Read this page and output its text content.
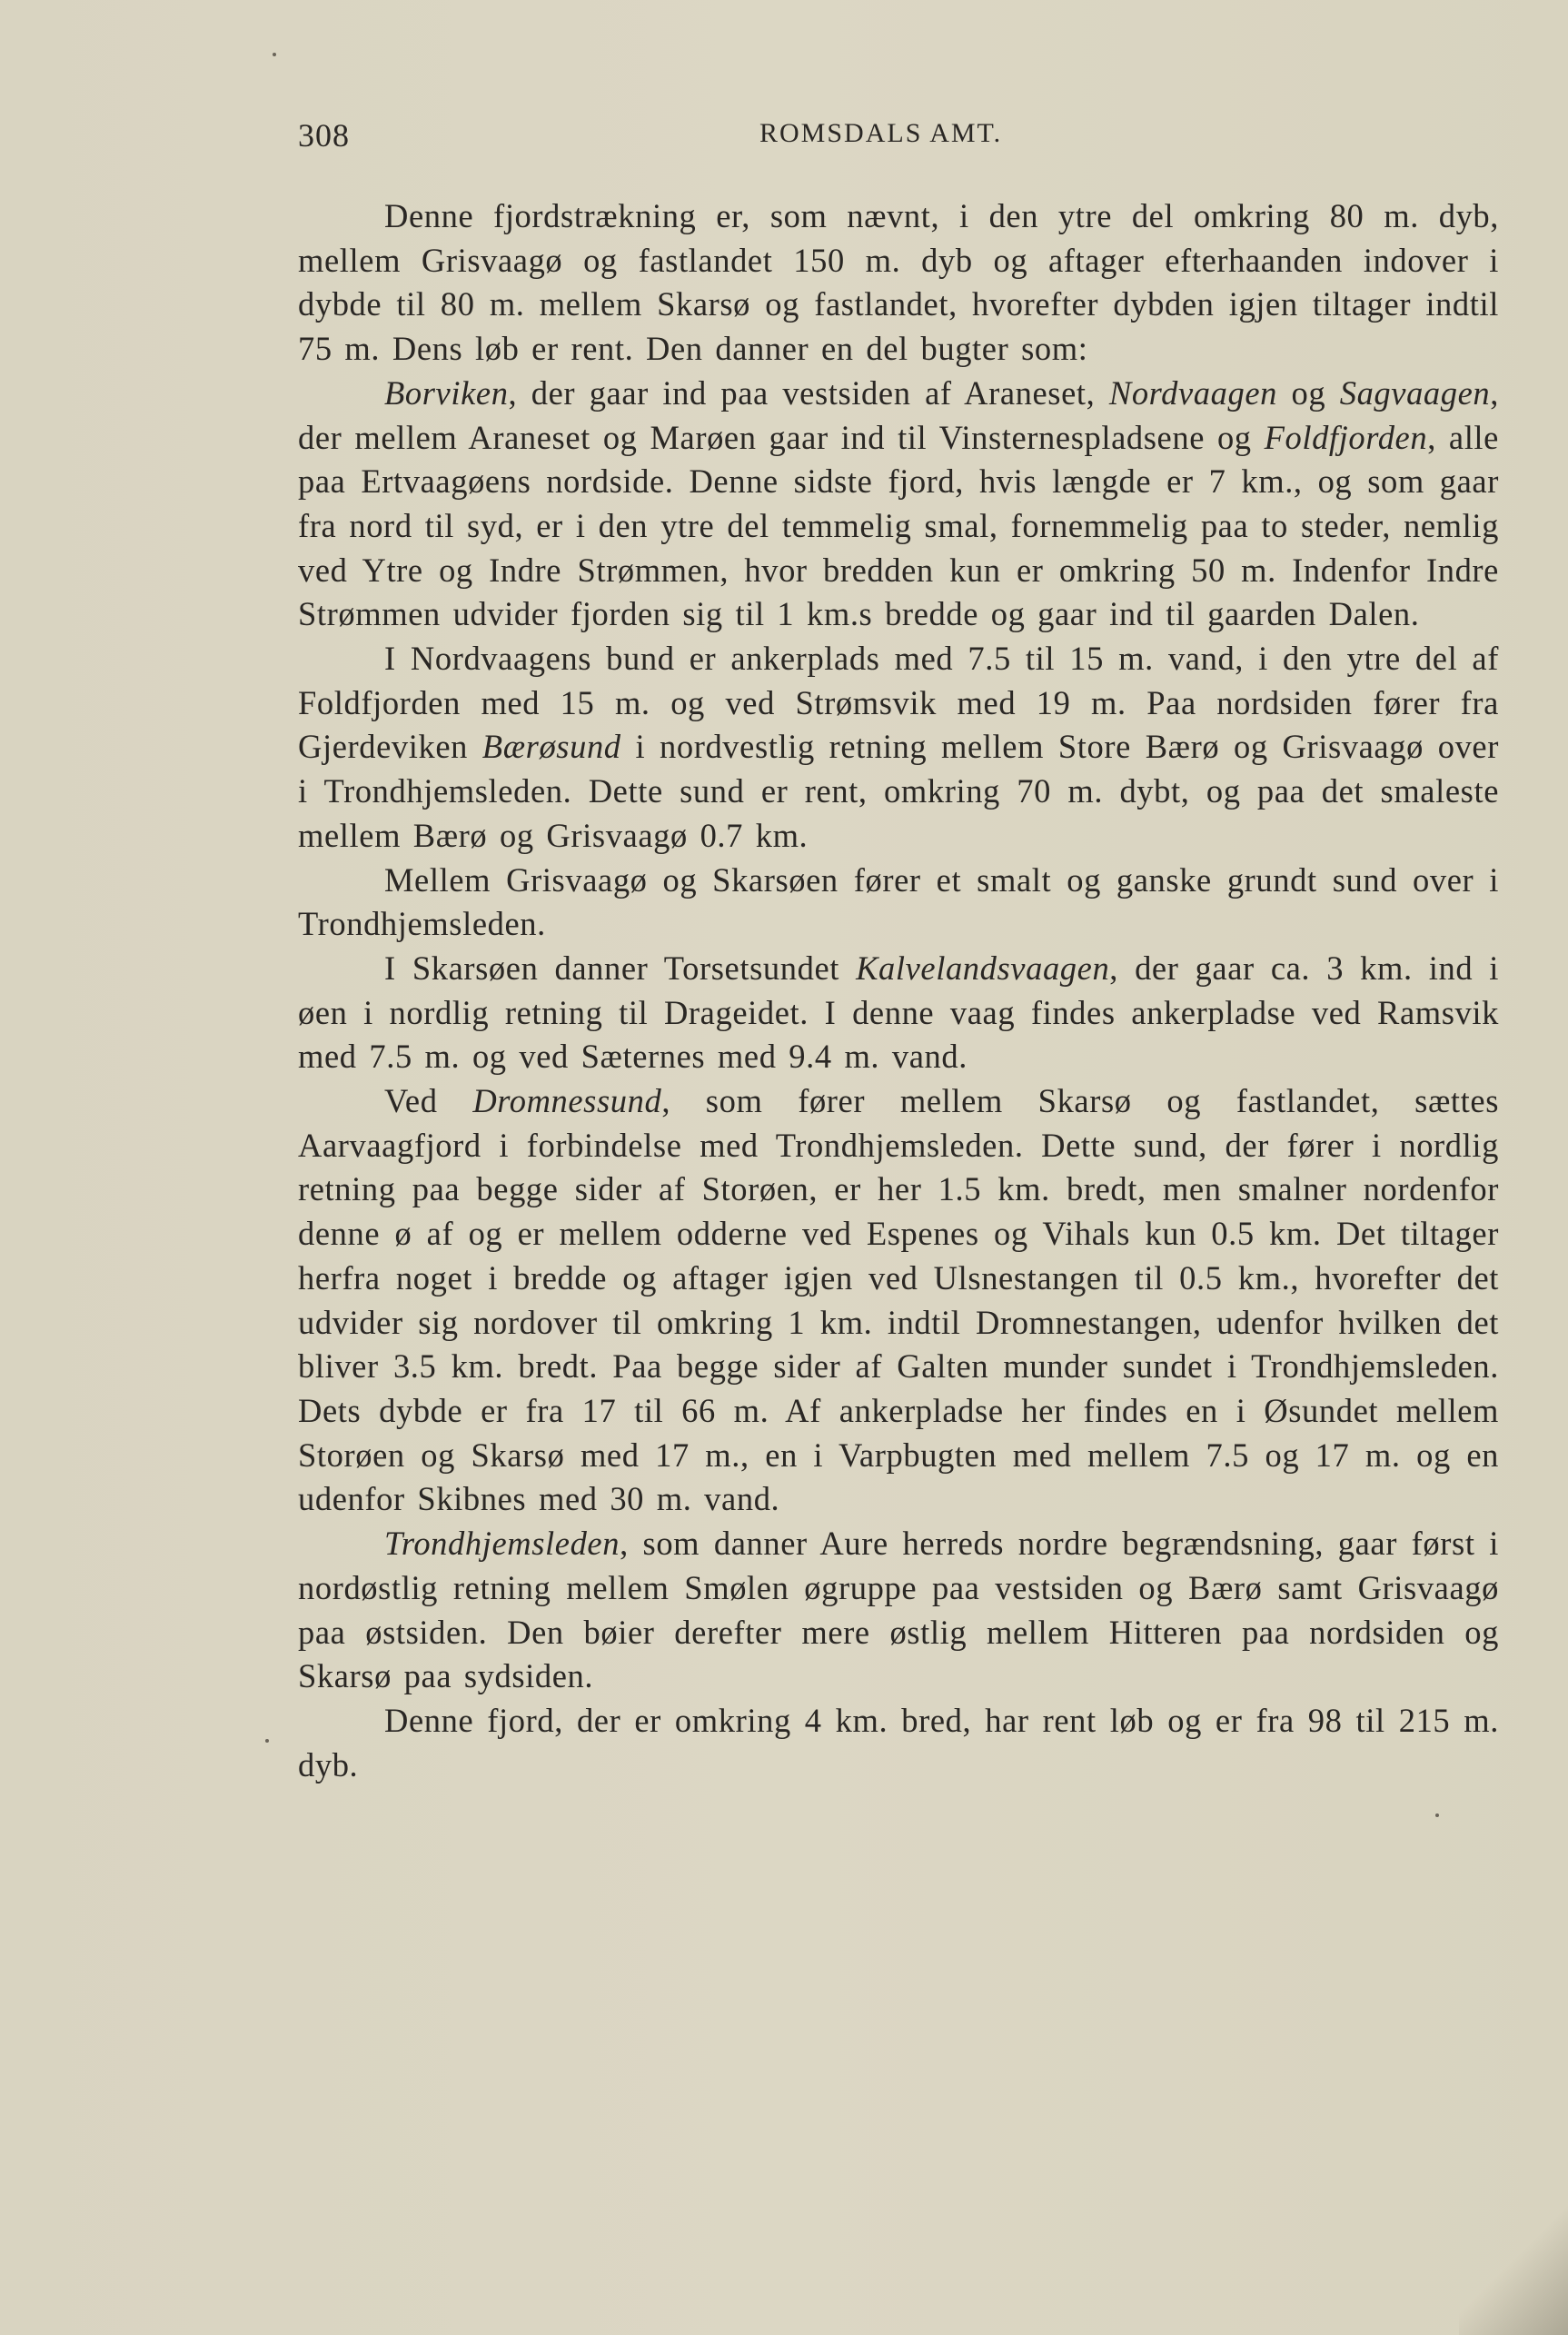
308	ROMSDALS AMT.

Denne fjordstrækning er, som nævnt, i den ytre del omkring 80 m. dyb, mellem Grisvaagø og fastlandet 150 m. dyb og aftager efterhaanden indover i dybde til 80 m. mellem Skarsø og fastlandet, hvorefter dybden igjen tiltager indtil 75 m. Dens løb er rent. Den danner en del bugter som:

Borviken, der gaar ind paa vestsiden af Araneset, Nordvaagen og Sagvaagen, der mellem Araneset og Marøen gaar ind til Vinsternespladsene og Foldfjorden, alle paa Ertvaagøens nordside. Denne sidste fjord, hvis længde er 7 km., og som gaar fra nord til syd, er i den ytre del temmelig smal, fornemmelig paa to steder, nemlig ved Ytre og Indre Strømmen, hvor bredden kun er omkring 50 m. Indenfor Indre Strømmen udvider fjorden sig til 1 km.s bredde og gaar ind til gaarden Dalen.

I Nordvaagens bund er ankerplads med 7.5 til 15 m. vand, i den ytre del af Foldfjorden med 15 m. og ved Strømsvik med 19 m. Paa nordsiden fører fra Gjerdeviken Bærøsund i nordvestlig retning mellem Store Bærø og Grisvaagø over i Trondhjemsleden. Dette sund er rent, omkring 70 m. dybt, og paa det smaleste mellem Bærø og Grisvaagø 0.7 km.

Mellem Grisvaagø og Skarsøen fører et smalt og ganske grundt sund over i Trondhjemsleden.

I Skarsøen danner Torsetsundet Kalvelandsvaagen, der gaar ca. 3 km. ind i øen i nordlig retning til Drageidet. I denne vaag findes ankerpladse ved Ramsvik med 7.5 m. og ved Sæternes med 9.4 m. vand.

Ved Dromnessund, som fører mellem Skarsø og fastlandet, sættes Aarvaagfjord i forbindelse med Trondhjemsleden. Dette sund, der fører i nordlig retning paa begge sider af Storøen, er her 1.5 km. bredt, men smalner nordenfor denne ø af og er mellem odderne ved Espenes og Vihals kun 0.5 km. Det tiltager herfra noget i bredde og aftager igjen ved Ulsnestangen til 0.5 km., hvorefter det udvider sig nordover til omkring 1 km. indtil Dromnestangen, udenfor hvilken det bliver 3.5 km. bredt. Paa begge sider af Galten munder sundet i Trondhjemsleden. Dets dybde er fra 17 til 66 m. Af ankerpladse her findes en i Øsundet mellem Storøen og Skarsø med 17 m., en i Varpbugten med mellem 7.5 og 17 m. og en udenfor Skibnes med 30 m. vand.

Trondhjemsleden, som danner Aure herreds nordre begrændsning, gaar først i nordøstlig retning mellem Smølen øgruppe paa vestsiden og Bærø samt Grisvaagø paa østsiden. Den bøier derefter mere østlig mellem Hitteren paa nordsiden og Skarsø paa sydsiden.

Denne fjord, der er omkring 4 km. bred, har rent løb og er fra 98 til 215 m. dyb.
